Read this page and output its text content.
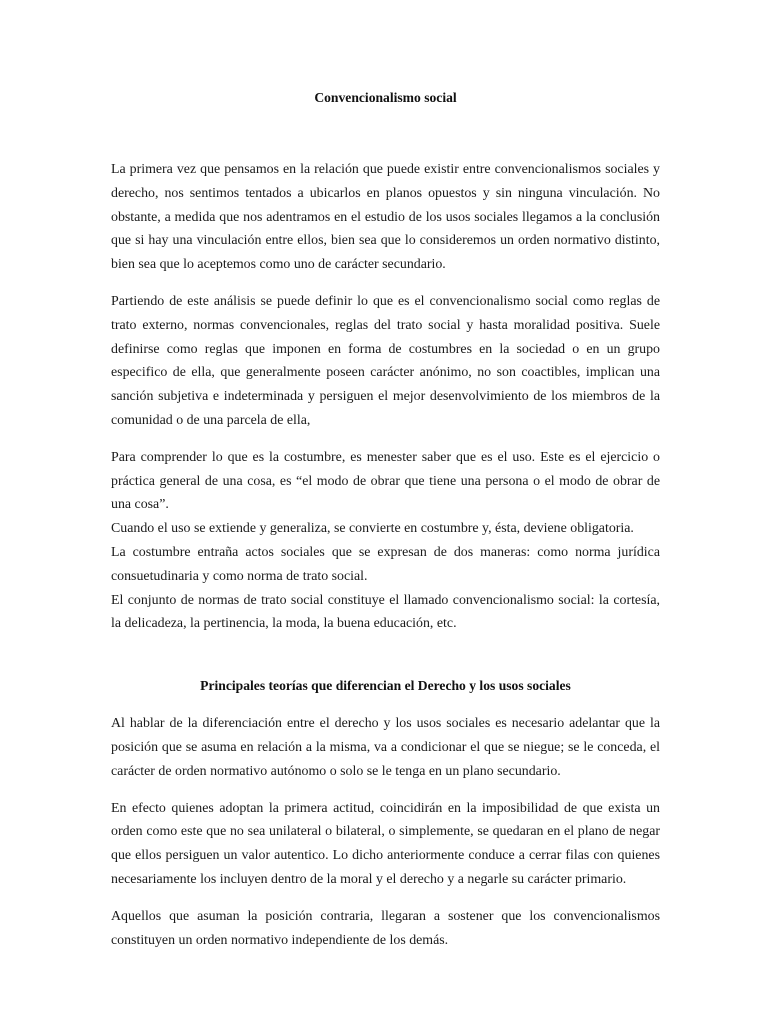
Convencionalismo social

La primera vez que pensamos en la relación que puede existir entre convencionalismos sociales y derecho, nos sentimos tentados a ubicarlos en planos opuestos y sin ninguna vinculación. No obstante, a medida que nos adentramos en el estudio de los usos sociales llegamos a la conclusión que si hay una vinculación entre ellos, bien sea que lo consideremos un orden normativo distinto, bien sea que lo aceptemos como uno de carácter secundario.

Partiendo de este análisis se puede definir lo que es el convencionalismo social como reglas de trato externo, normas convencionales, reglas del trato social y hasta moralidad positiva. Suele definirse como reglas que imponen en forma de costumbres en la sociedad o en un grupo especifico de ella, que generalmente poseen carácter anónimo, no son coactibles, implican una sanción subjetiva e indeterminada y persiguen el mejor desenvolvimiento de los miembros de la comunidad o de una parcela de ella,

Para comprender lo que es la costumbre, es menester saber que es el uso. Este es el ejercicio o práctica general de una cosa, es “el modo de obrar que tiene una persona o el modo de obrar de una cosa”.

Cuando el uso se extiende y generaliza, se convierte en costumbre y, ésta, deviene obligatoria.

La costumbre entraña actos sociales que se expresan de dos maneras: como norma jurídica consuetudinaria y como norma de trato social.

El conjunto de normas de trato social constituye el llamado convencionalismo social: la cortesía, la delicadeza, la pertinencia, la moda, la buena educación, etc.

Principales teorías que diferencian el Derecho y los usos sociales

Al hablar de la diferenciación entre el derecho y los usos sociales es necesario adelantar que la posición que se asuma en relación a la misma, va a condicionar el que se niegue; se le conceda, el carácter de orden normativo autónomo o solo se le tenga en un plano secundario.

En efecto quienes adoptan la primera actitud, coincidirán en la imposibilidad de que exista un orden como este que no sea unilateral o bilateral, o simplemente, se quedaran en el plano de negar que ellos persiguen un valor autentico. Lo dicho anteriormente conduce a cerrar filas con quienes necesariamente los incluyen dentro de la moral y el derecho y a negarle su carácter primario.

Aquellos que asuman la posición contraria, llegaran a sostener que los convencionalismos constituyen un orden normativo independiente de los demás.
